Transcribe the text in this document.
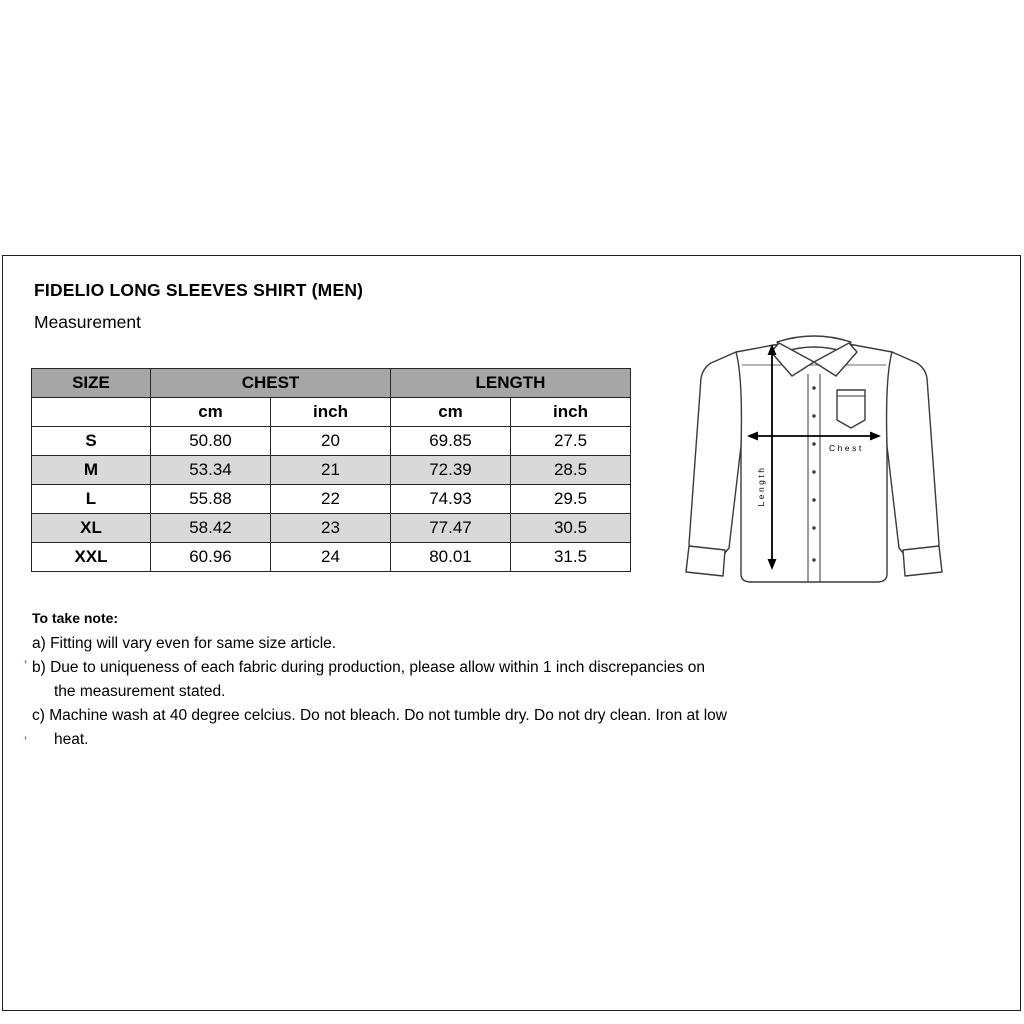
FIDELIO LONG SLEEVES SHIRT (MEN)
Measurement
SIZE	CHEST		LENGTH	
	cm	inch	cm	inch
S	50.80	20	69.85	27.5
M	53.34	21	72.39	28.5
L	55.88	22	74.93	29.5
XL	58.42	23	77.47	30.5
XXL	60.96	24	80.01	31.5
Chest
Length
To take note:
a) Fitting will vary even for same size article.
b) Due to uniqueness of each fabric during production, please allow within 1 inch discrepancies on
the measurement stated.
c) Machine wash at 40 degree celcius. Do not bleach. Do not tumble dry. Do not dry clean. Iron at low
heat.
’
’
